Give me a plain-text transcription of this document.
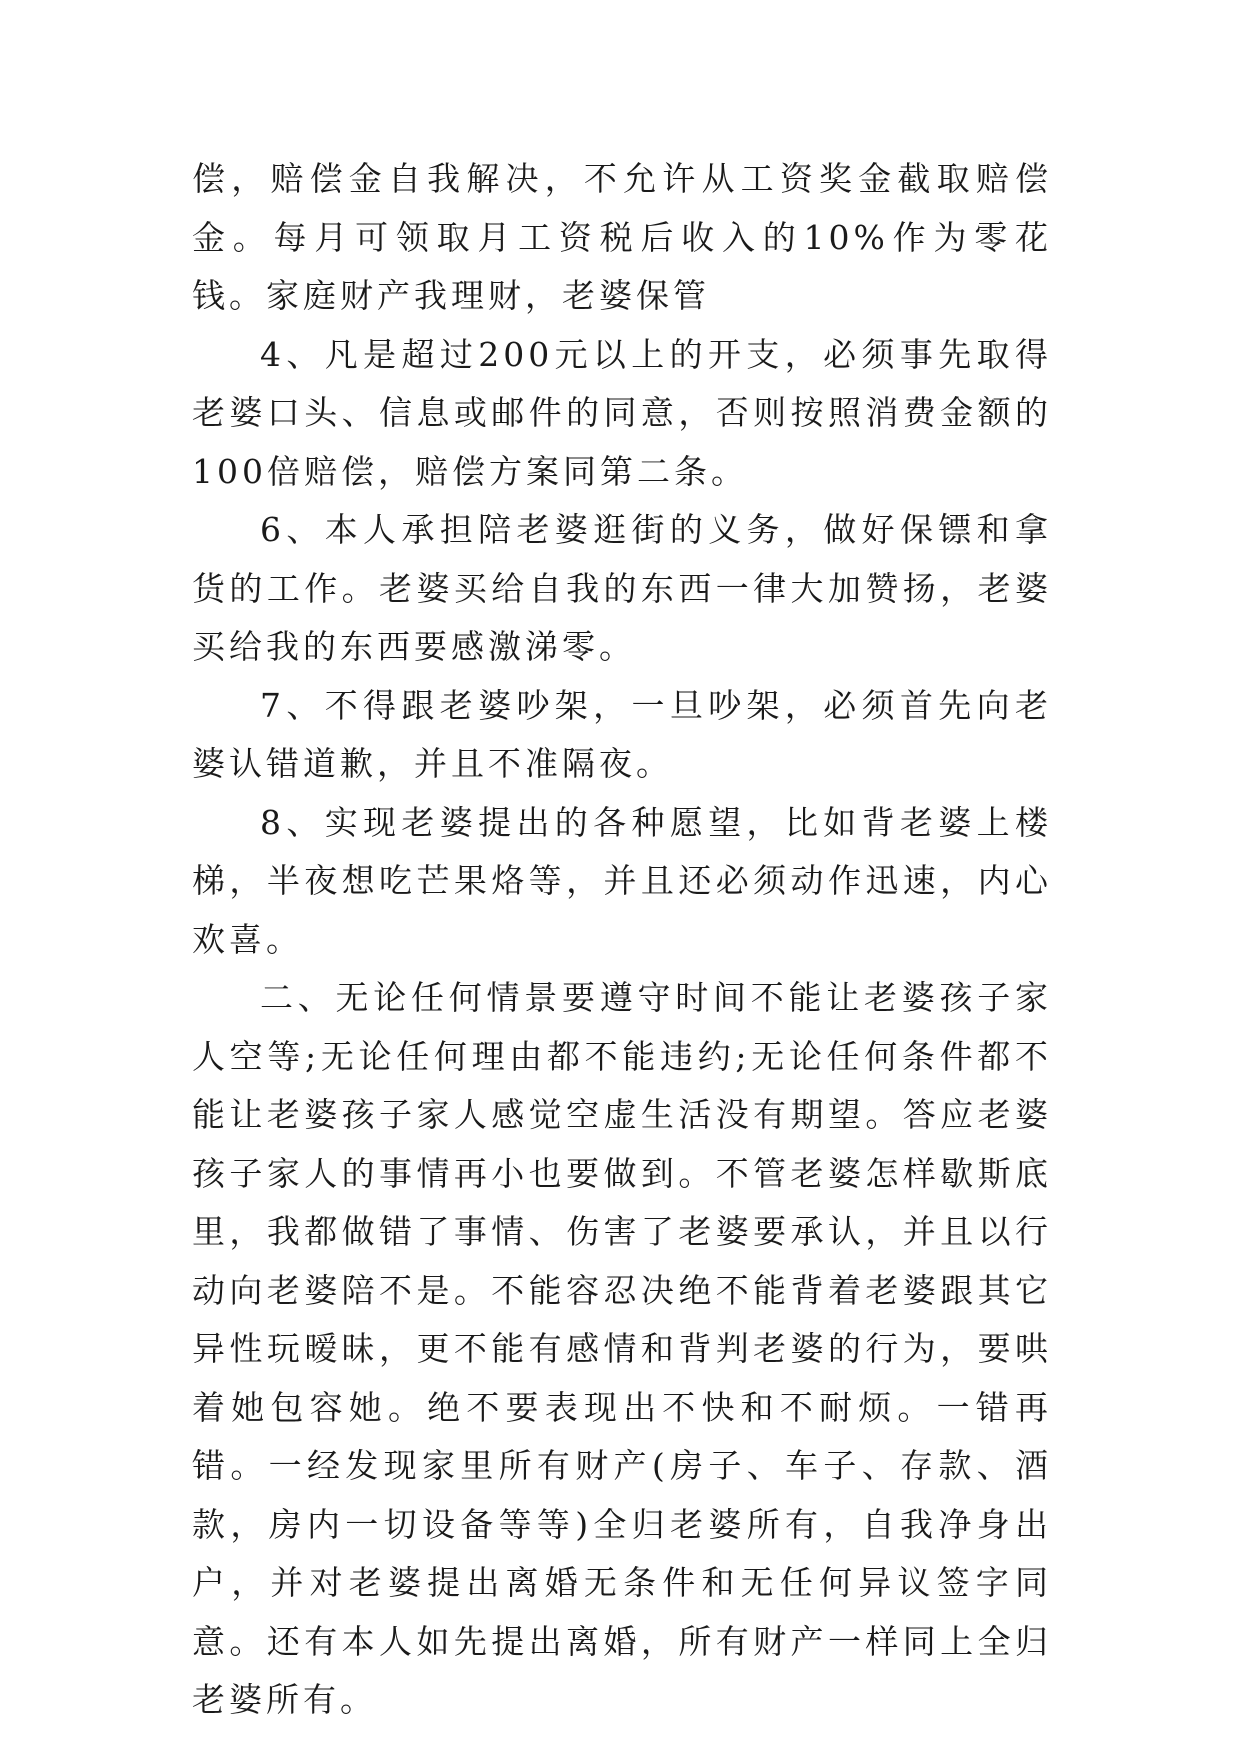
偿，赔偿金自我解决，不允许从工资奖金截取赔偿金。每月可领取月工资税后收入的10%作为零花钱。家庭财产我理财，老婆保管

4、凡是超过200元以上的开支，必须事先取得老婆口头、信息或邮件的同意，否则按照消费金额的100倍赔偿，赔偿方案同第二条。

6、本人承担陪老婆逛街的义务，做好保镖和拿货的工作。老婆买给自我的东西一律大加赞扬，老婆买给我的东西要感激涕零。

7、不得跟老婆吵架，一旦吵架，必须首先向老婆认错道歉，并且不准隔夜。

8、实现老婆提出的各种愿望，比如背老婆上楼梯，半夜想吃芒果烙等，并且还必须动作迅速，内心欢喜。

二、无论任何情景要遵守时间不能让老婆孩子家人空等;无论任何理由都不能违约;无论任何条件都不能让老婆孩子家人感觉空虚生活没有期望。答应老婆孩子家人的事情再小也要做到。不管老婆怎样歇斯底里，我都做错了事情、伤害了老婆要承认，并且以行动向老婆陪不是。不能容忍决绝不能背着老婆跟其它异性玩暧昧，更不能有感情和背判老婆的行为，要哄着她包容她。绝不要表现出不快和不耐烦。一错再错。一经发现家里所有财产(房子、车子、存款、酒款，房内一切设备等等)全归老婆所有，自我净身出户，并对老婆提出离婚无条件和无任何异议签字同意。还有本人如先提出离婚，所有财产一样同上全归老婆所有。
